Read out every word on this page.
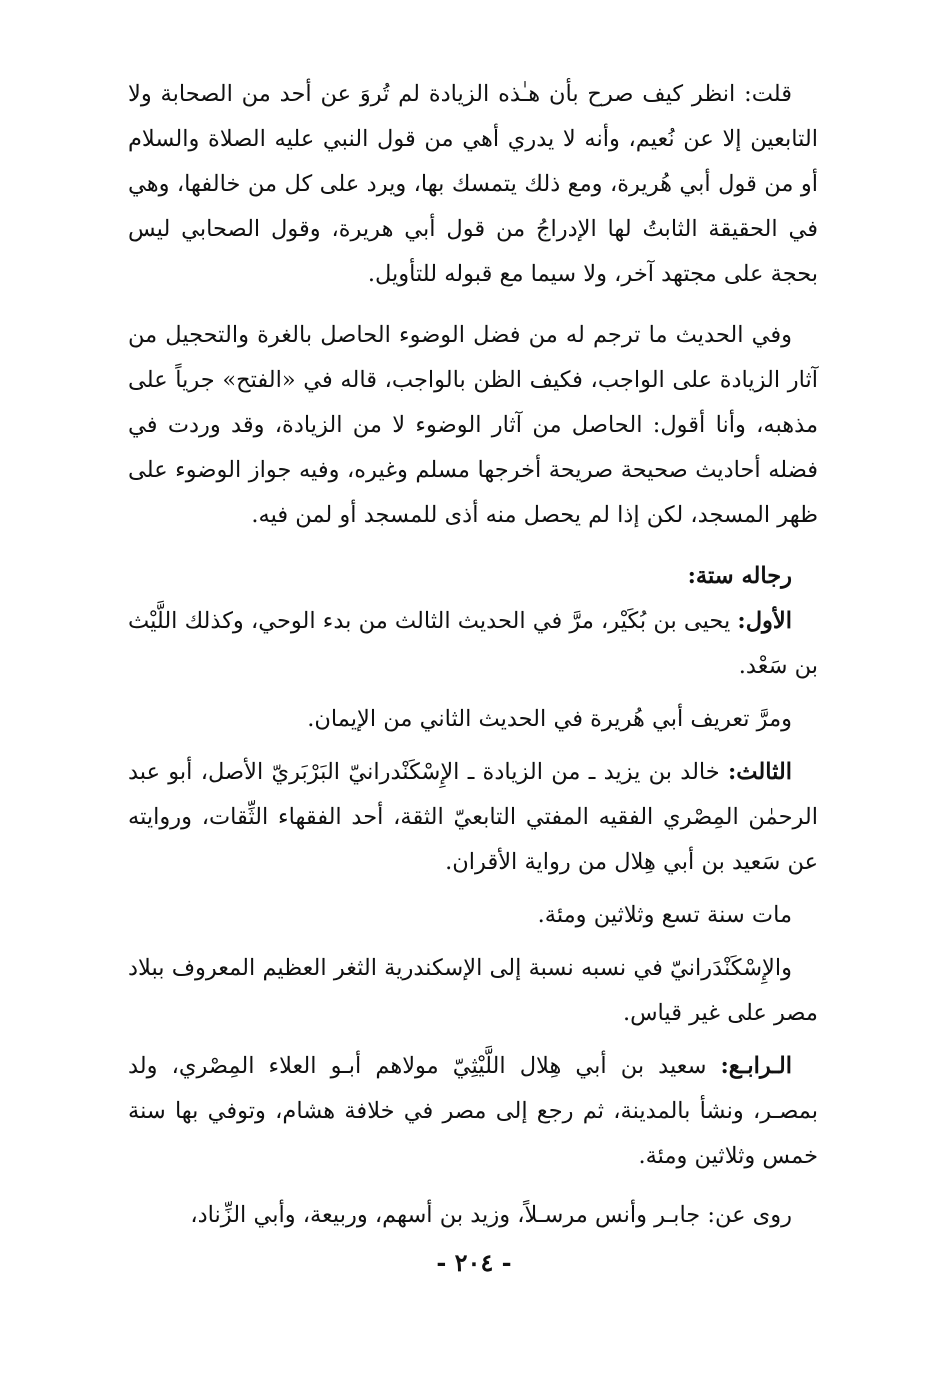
قلت: انظر كيف صرح بأن هـٰذه الزيادة لم تُروَ عن أحد من الصحابة ولا التابعين إلا عن نُعيم، وأنه لا يدري أهي من قول النبي عليه الصلاة والسلام أو من قول أبي هُريرة، ومع ذلك يتمسك بها، ويرد على كل من خالفها، وهي في الحقيقة الثابتُ لها الإدراجُ من قول أبي هريرة، وقول الصحابي ليس بحجة على مجتهد آخر، ولا سيما مع قبوله للتأويل.

وفي الحديث ما ترجم له من فضل الوضوء الحاصل بالغرة والتحجيل من آثار الزيادة على الواجب، فكيف الظن بالواجب، قاله في «الفتح» جرياً على مذهبه، وأنا أقول: الحاصل من آثار الوضوء لا من الزيادة، وقد وردت في فضله أحاديث صحيحة صريحة أخرجها مسلم وغيره، وفيه جواز الوضوء على ظهر المسجد، لكن إذا لم يحصل منه أذى للمسجد أو لمن فيه.

رجاله ستة:

الأول: يحيى بن بُكَيْر، مرَّ في الحديث الثالث من بدء الوحي، وكذلك اللَّيْث بن سَعْد.

ومرَّ تعريف أبي هُريرة في الحديث الثاني من الإيمان.

الثالث: خالد بن يزيد ـ من الزيادة ـ الإِسْكَنْدرانيّ البَرْبَريّ الأصل، أبو عبد الرحمٰن المِصْري الفقيه المفتي التابعيّ الثقة، أحد الفقهاء الثِّقات، وروايته عن سَعيد بن أبي هِلال من رواية الأقران.

مات سنة تسع وثلاثين ومئة.

والإِسْكَنْدَرانيّ في نسبه نسبة إلى الإسكندرية الثغر العظيم المعروف ببلاد مصر على غير قياس.

الـرابـع: سعيد بن أبي هِلال اللَّيْثِيّ مولاهم أبـو العلاء المِصْري، ولد بمصـر، ونشأ بالمدينة، ثم رجع إلى مصر في خلافة هشام، وتوفي بها سنة خمس وثلاثين ومئة.

روى عن: جابـر وأنس مرسـلاً، وزيد بن أسهم، وربيعة، وأبي الزِّناد،

- ٢٠٤ -
